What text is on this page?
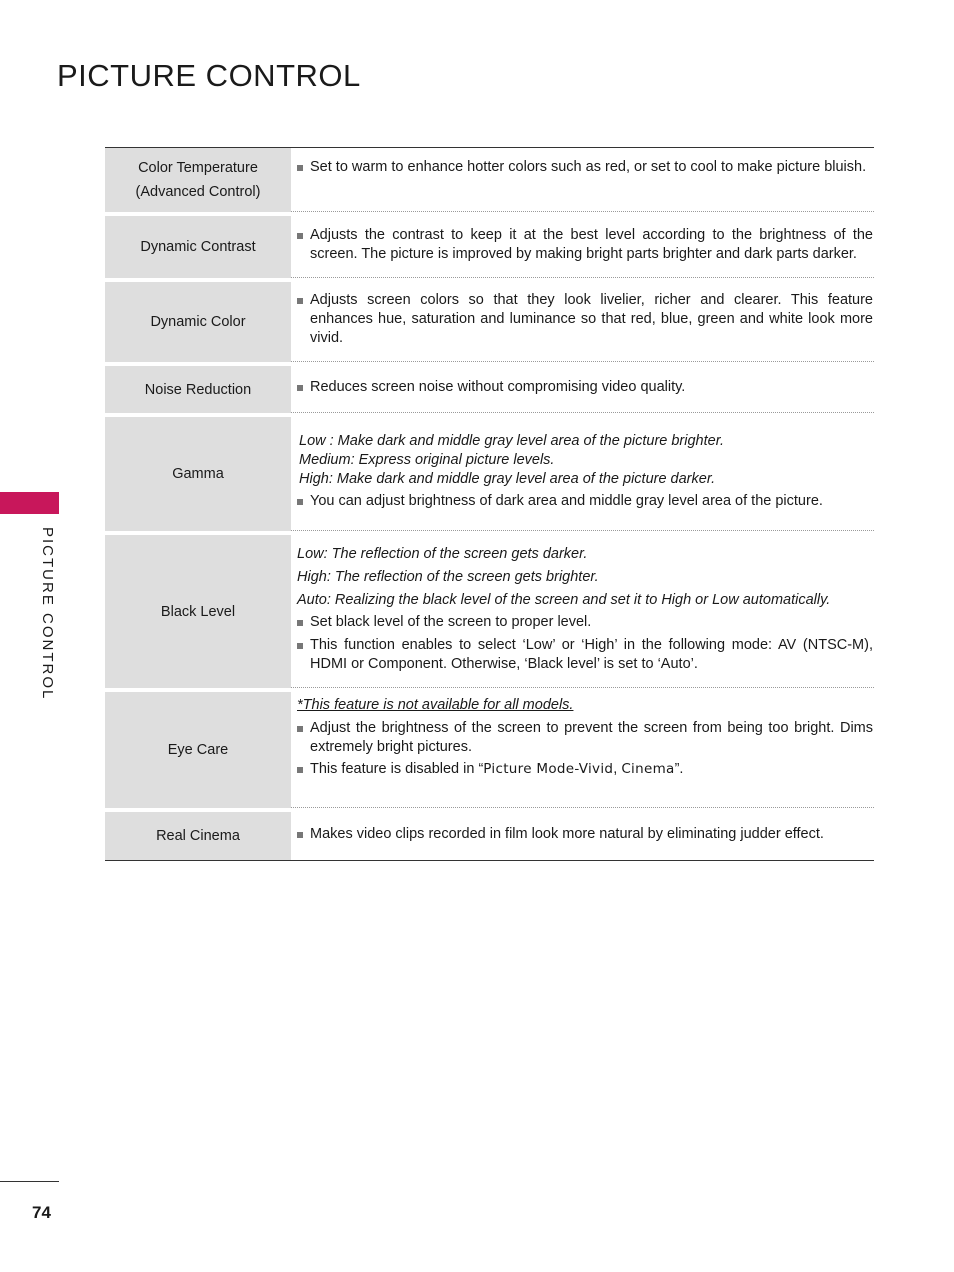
PICTURE CONTROL
PICTURE CONTROL
Color Temperature
(Advanced Control)
Set to warm to enhance hotter colors such as red, or set to cool to make picture bluish.
Dynamic Contrast
Adjusts the contrast to keep it at the best level according to the brightness of the screen. The picture is improved by making bright parts brighter and dark parts darker.
Dynamic Color
Adjusts screen colors so that they look livelier, richer and clearer. This feature enhances hue, saturation and luminance so that red, blue, green and white look more vivid.
Noise Reduction	Reduces screen noise without compromising video quality.
Gamma
Low : Make dark and middle gray level area of the picture brighter.
Medium: Express original picture levels.
High: Make dark and middle gray level area of the picture darker.
You can adjust brightness of dark area and middle gray level area of the picture.
Black Level
Low: The reflection of the screen gets darker.
High: The reflection of the screen gets brighter.
Auto: Realizing the black level of the screen and set it to High or Low automatically.
Set black level of the screen to proper level.
This function enables to select ‘Low’ or ‘High’ in the following mode: AV (NTSC-M), HDMI or Component. Otherwise, ‘Black level’ is set to ‘Auto’.
Eye Care
*This feature is not available for all models.
Adjust the brightness of the screen to prevent the screen from being too bright. Dims extremely bright pictures.
This feature is disabled in “Picture Mode-Vivid, Cinema”.
Real Cinema	Makes video clips recorded in film look more natural by eliminating judder effect.
74
